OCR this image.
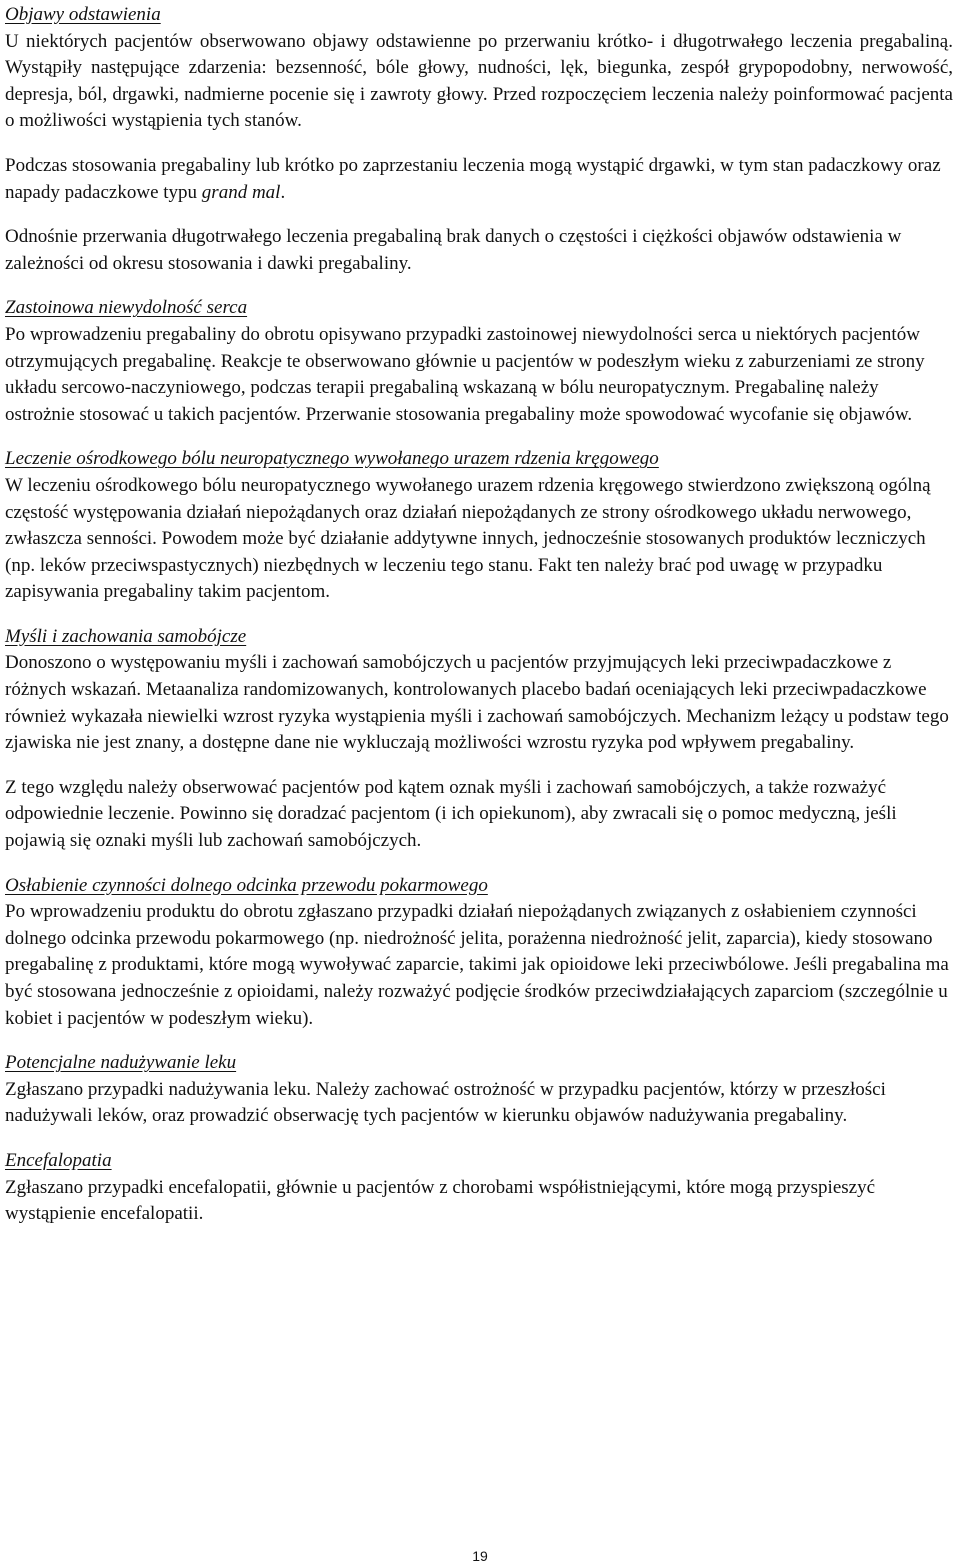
Objawy odstawienia

U niektórych pacjentów obserwowano objawy odstawienne po przerwaniu krótko- i długotrwałego leczenia pregabaliną. Wystąpiły następujące zdarzenia: bezsenność, bóle głowy, nudności, lęk, biegunka, zespół grypopodobny, nerwowość, depresja, ból, drgawki, nadmierne pocenie się i zawroty głowy. Przed rozpoczęciem leczenia należy poinformować pacjenta o możliwości wystąpienia tych stanów.

Podczas stosowania pregabaliny lub krótko po zaprzestaniu leczenia mogą wystąpić drgawki, w tym stan padaczkowy oraz napady padaczkowe typu grand mal.

Odnośnie przerwania długotrwałego leczenia pregabaliną brak danych o częstości i ciężkości objawów odstawienia w zależności od okresu stosowania i dawki pregabaliny.

Zastoinowa niewydolność serca

Po wprowadzeniu pregabaliny do obrotu opisywano przypadki zastoinowej niewydolności serca u niektórych pacjentów otrzymujących pregabalinę. Reakcje te obserwowano głównie u pacjentów w podeszłym wieku z zaburzeniami ze strony układu sercowo-naczyniowego, podczas terapii pregabaliną wskazaną w bólu neuropatycznym. Pregabalinę należy ostrożnie stosować u takich pacjentów. Przerwanie stosowania pregabaliny może spowodować wycofanie się objawów.

Leczenie ośrodkowego bólu neuropatycznego wywołanego urazem rdzenia kręgowego

W leczeniu ośrodkowego bólu neuropatycznego wywołanego urazem rdzenia kręgowego stwierdzono zwiększoną ogólną częstość występowania działań niepożądanych oraz działań niepożądanych ze strony ośrodkowego układu nerwowego, zwłaszcza senności. Powodem może być działanie addytywne innych, jednocześnie stosowanych produktów leczniczych (np. leków przeciwspastycznych) niezbędnych w leczeniu tego stanu. Fakt ten należy brać pod uwagę w przypadku zapisywania pregabaliny takim pacjentom.

Myśli i zachowania samobójcze

Donoszono o występowaniu myśli i zachowań samobójczych u pacjentów przyjmujących leki przeciwpadaczkowe z różnych wskazań. Metaanaliza randomizowanych, kontrolowanych placebo badań oceniających leki przeciwpadaczkowe również wykazała niewielki wzrost ryzyka wystąpienia myśli i zachowań samobójczych. Mechanizm leżący u podstaw tego zjawiska nie jest znany, a dostępne dane nie wykluczają możliwości wzrostu ryzyka pod wpływem pregabaliny.

Z tego względu należy obserwować pacjentów pod kątem oznak myśli i zachowań samobójczych, a także rozważyć odpowiednie leczenie. Powinno się doradzać pacjentom (i ich opiekunom), aby zwracali się o pomoc medyczną, jeśli pojawią się oznaki myśli lub zachowań samobójczych.

Osłabienie czynności dolnego odcinka przewodu pokarmowego

Po wprowadzeniu produktu do obrotu zgłaszano przypadki działań niepożądanych związanych z osłabieniem czynności dolnego odcinka przewodu pokarmowego (np. niedrożność jelita, porażenna niedrożność jelit, zaparcia), kiedy stosowano pregabalinę z produktami, które mogą wywoływać zaparcie, takimi jak opioidowe leki przeciwbólowe. Jeśli pregabalina ma być stosowana jednocześnie z opioidami, należy rozważyć podjęcie środków przeciwdziałających zaparciom (szczególnie u kobiet i pacjentów w podeszłym wieku).

Potencjalne nadużywanie leku

Zgłaszano przypadki nadużywania leku. Należy zachować ostrożność w przypadku pacjentów, którzy w przeszłości nadużywali leków, oraz prowadzić obserwację tych pacjentów w kierunku objawów nadużywania pregabaliny.

Encefalopatia

Zgłaszano przypadki encefalopatii, głównie u pacjentów z chorobami współistniejącymi, które mogą przyspieszyć wystąpienie encefalopatii.

19
